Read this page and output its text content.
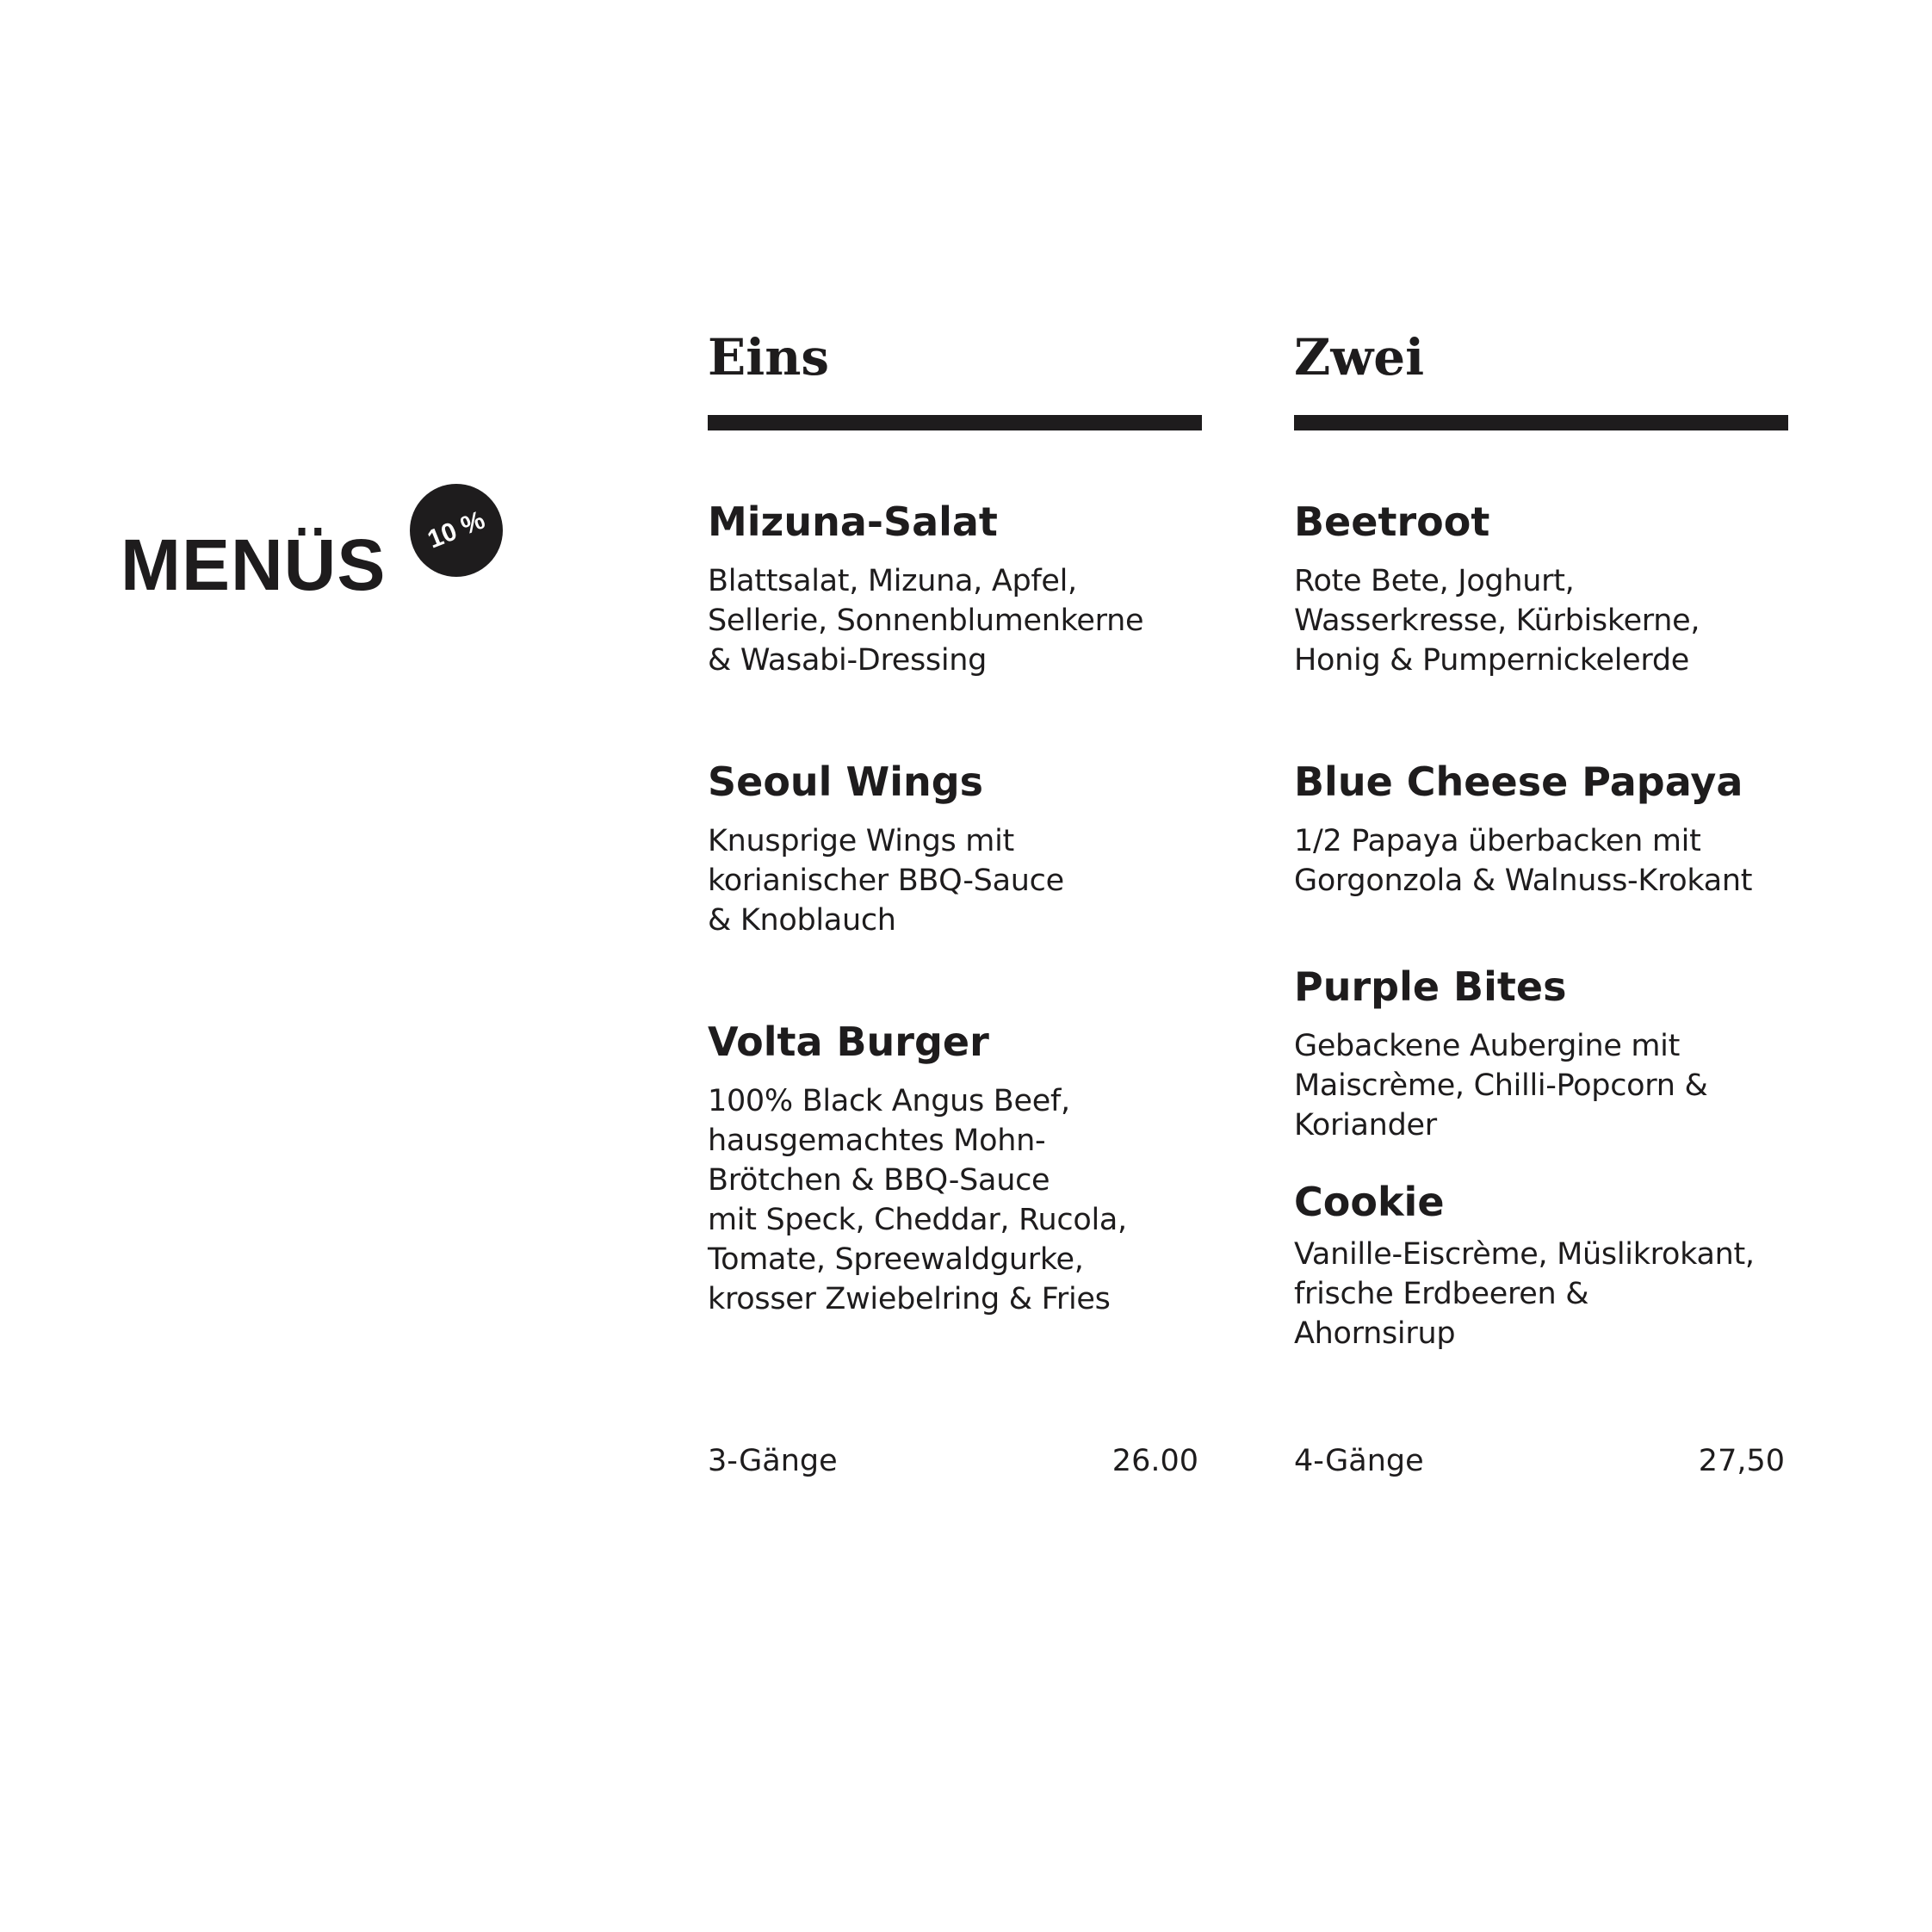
MENÜS 10 %
Eins
Mizuna-Salat

Blattsalat, Mizuna, Apfel,
Sellerie, Sonnenblumenkerne
& Wasabi-Dressing

Seoul Wings

Knusprige Wings mit
korianischer BBQ-Sauce
& Knoblauch

Volta Burger

100% Black Angus Beef,
hausgemachtes Mohn-
Brötchen & BBQ-Sauce
mit Speck, Cheddar, Rucola,
Tomate, Spreewaldgurke,
krosser Zwiebelring & Fries

3-Gänge	26.00
Zwei
Beetroot

Rote Bete, Joghurt,
Wasserkresse, Kürbiskerne,
Honig & Pumpernickelerde

Blue Cheese Papaya

1/2 Papaya überbacken mit
Gorgonzola & Walnuss-Krokant

Purple Bites

Gebackene Aubergine mit
Maiscrème, Chilli-Popcorn &
Koriander

Cookie

Vanille-Eiscrème, Müslikrokant,
frische Erdbeeren &
Ahornsirup

4-Gänge	27,50
